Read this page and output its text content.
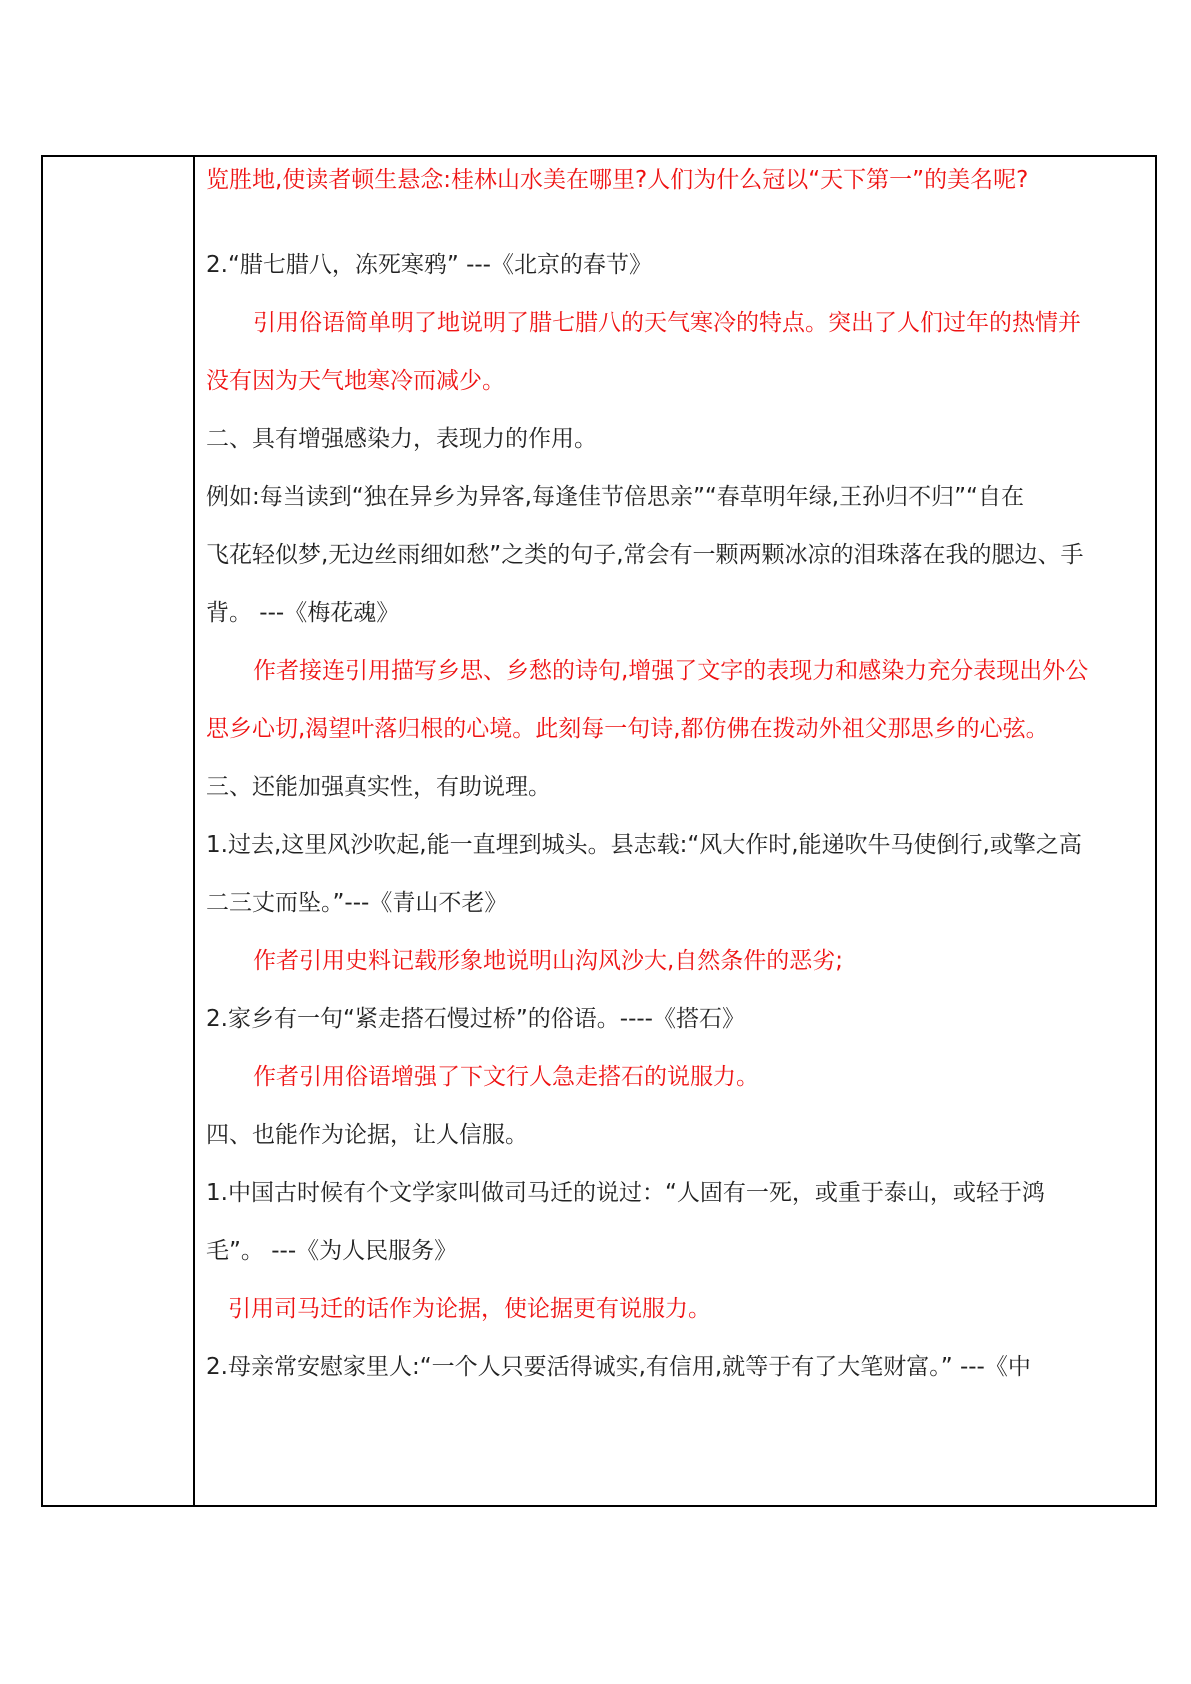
览胜地,使读者顿生悬念:桂林山水美在哪里?人们为什么冠以“天下第一”的美名呢?
2.“腊七腊八，冻死寒鸦” ---《北京的春节》
引用俗语简单明了地说明了腊七腊八的天气寒冷的特点。突出了人们过年的热情并
没有因为天气地寒冷而减少。
二、具有增强感染力，表现力的作用。
例如:每当读到“独在异乡为异客,每逢佳节倍思亲”“春草明年绿,王孙归不归”“自在
飞花轻似梦,无边丝雨细如愁”之类的句子,常会有一颗两颗冰凉的泪珠落在我的腮边、手
背。 ---《梅花魂》
作者接连引用描写乡思、乡愁的诗句,增强了文字的表现力和感染力充分表现出外公
思乡心切,渴望叶落归根的心境。此刻每一句诗,都仿佛在拨动外祖父那思乡的心弦。
三、还能加强真实性，有助说理。
1.过去,这里风沙吹起,能一直埋到城头。县志载:“风大作时,能递吹牛马使倒行,或擎之高
二三丈而坠。”---《青山不老》
作者引用史料记载形象地说明山沟风沙大,自然条件的恶劣;
2.家乡有一句“紧走搭石慢过桥”的俗语。----《搭石》
作者引用俗语增强了下文行人急走搭石的说服力。
四、也能作为论据，让人信服。
1.中国古时候有个文学家叫做司马迁的说过：“人固有一死，或重于泰山，或轻于鸿
毛”。 ---《为人民服务》
引用司马迁的话作为论据，使论据更有说服力。
2.母亲常安慰家里人:“一个人只要活得诚实,有信用,就等于有了大笔财富。” ---《中
